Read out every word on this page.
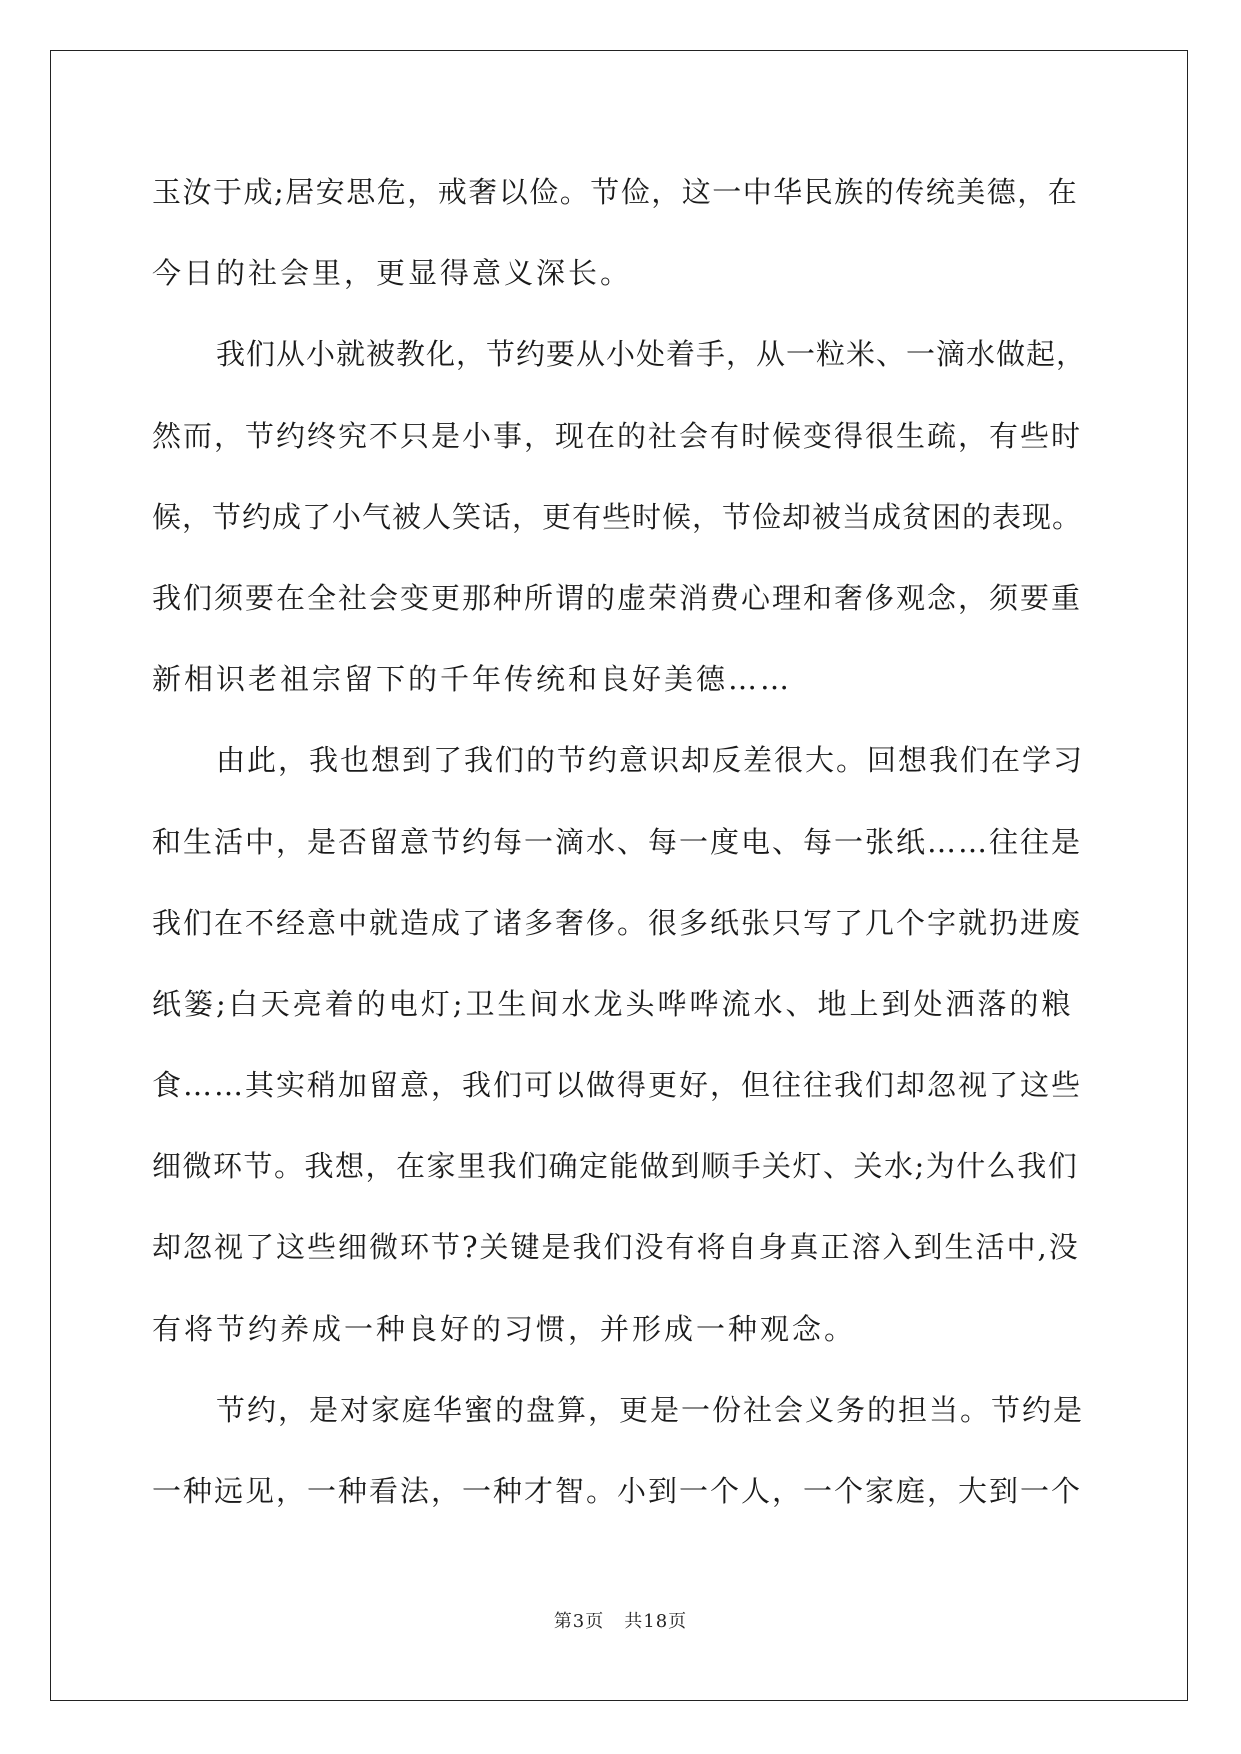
玉汝于成;居安思危，戒奢以俭。节俭，这一中华民族的传统美德，在
今日的社会里，更显得意义深长。
我们从小就被教化，节约要从小处着手，从一粒米、一滴水做起，
然而，节约终究不只是小事，现在的社会有时候变得很生疏，有些时
候，节约成了小气被人笑话，更有些时候，节俭却被当成贫困的表现。
我们须要在全社会变更那种所谓的虚荣消费心理和奢侈观念，须要重
新相识老祖宗留下的千年传统和良好美德……
由此，我也想到了我们的节约意识却反差很大。回想我们在学习
和生活中，是否留意节约每一滴水、每一度电、每一张纸……往往是
我们在不经意中就造成了诸多奢侈。很多纸张只写了几个字就扔进废
纸篓;白天亮着的电灯;卫生间水龙头哗哗流水、地上到处洒落的粮
食……其实稍加留意，我们可以做得更好，但往往我们却忽视了这些
细微环节。我想，在家里我们确定能做到顺手关灯、关水;为什么我们
却忽视了这些细微环节?关键是我们没有将自身真正溶入到生活中,没
有将节约养成一种良好的习惯，并形成一种观念。
节约，是对家庭华蜜的盘算，更是一份社会义务的担当。节约是
一种远见，一种看法，一种才智。小到一个人，一个家庭，大到一个
第3页 共18页
